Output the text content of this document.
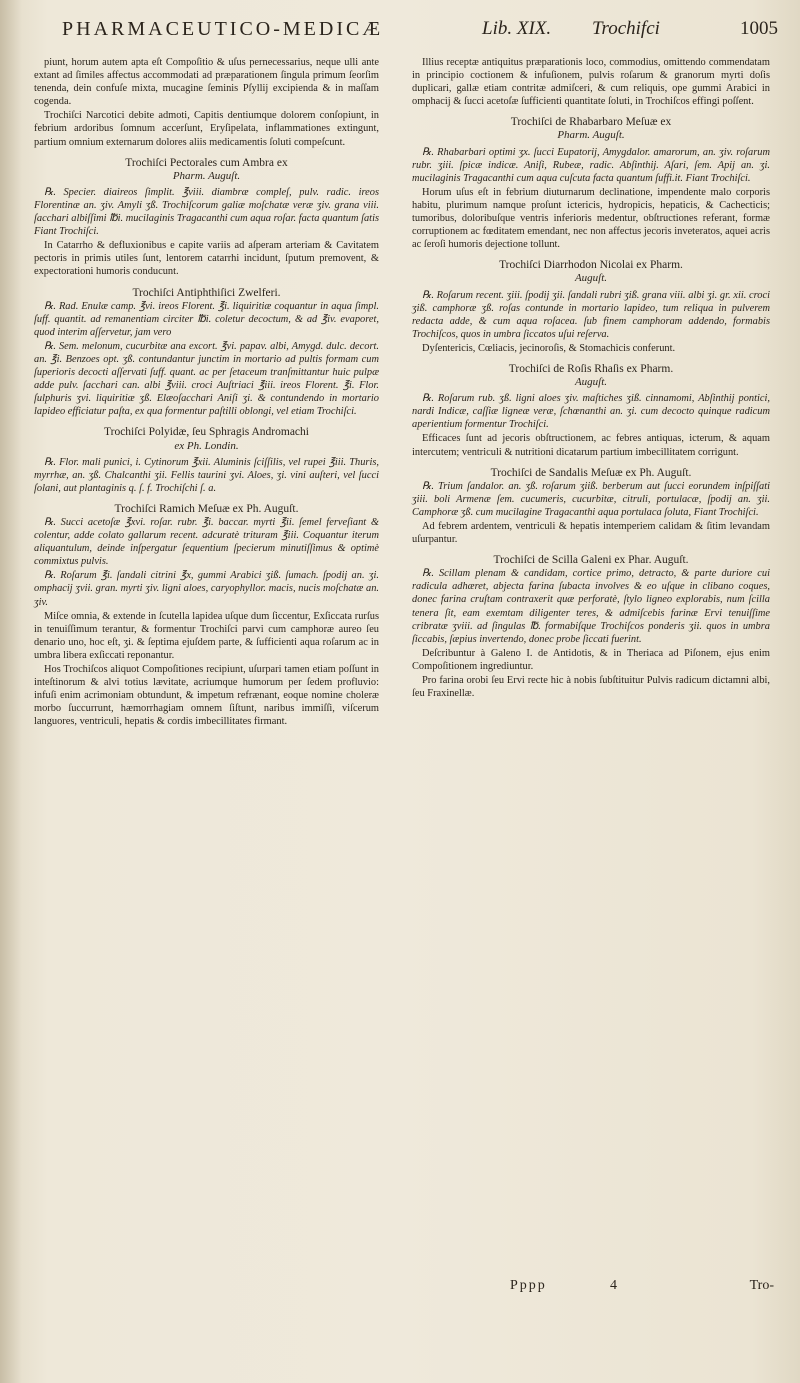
PHARMACEUTICO-MEDICÆ	Lib. XIX. Trochifci	1005

piunt, horum autem apta eſt Compoſitio & uſus pernecessarius, neque ulli ante extant ad ſimiles affectus accommodati ad præparationem ſingula primum ſeorſim tenenda, dein confuſe mixta, mucagine ſeminis Pſyllij excipienda & in maſſam cogenda.

Trochiſci Narcotici debite admoti, Capitis dentiumque dolorem conſopiunt, in febrium ardoribus ſomnum accerſunt, Eryſipelata, inflammationes extingunt, partium omnium externarum dolores aliis medicamentis ſoluti compeſcunt.

Trochiſci Pectorales cum Ambra ex

Pharm. Auguſt.

℞. Specier. diaireos ſimplit. ℥viii. diambræ compleſ, pulv. radic. ireos Florentinæ an. ʒiv. Amyli ʒß. Trochiſcorum galiæ moſchatæ veræ ʒiv. grana viii. ſacchari albiſſimi ℔i. mucilaginis Tragacanthi cum aqua roſar. facta quantum ſatis Fiant Trochiſci.

In Catarrho & defluxionibus e capite variis ad aſperam arteriam & Cavitatem pectoris in primis utiles ſunt, lentorem catarrhi incidunt, ſputum premovent, & expectorationi humoris conducunt.

Trochiſci Antiphthiſici Zwelferi.

℞. Rad. Enulæ camp. ℥vi. ireos Florent. ℥i. liquiritiæ coquantur in aqua ſimpl. ſuff. quantit. ad remanentiam circiter ℔i. coletur decoctum, & ad ℥iv. evaporet, quod interim aſſervetur, jam vero

℞. Sem. melonum, cucurbitæ ana excort. ℥vi. papav. albi, Amygd. dulc. decort. an. ℥i. Benzoes opt. ʒß. contundantur junctim in mortario ad pultis formam cum ſuperioris decocti aſſervati ſuff. quant. ac per ſetaceum tranſmittantur huic pulpæ adde pulv. ſacchari can. albi ℥viii. croci Auſtriaci ℥iii. ireos Florent. ℥i. Flor. ſulphuris ʒvi. liquiritiæ ʒß. Elæoſacchari Aniſi ʒi. & contundendo in mortario lapideo efficiatur paſta, ex qua formentur paſtilli oblongi, vel etiam Trochiſci.

Trochiſci Polyidæ, ſeu Sphragis Andromachi

ex Ph. Londin.

℞. Flor. mali punici, i. Cytinorum ℥xii. Aluminis ſciſſilis, vel rupei ℥iii. Thuris, myrrhæ, an. ʒß. Chalcanthi ʒii. Fellis taurini ʒvi. Aloes, ʒi. vini auſteri, vel ſucci ſolani, aut plantaginis q. ſ. f. Trochiſchi ſ. a.

Trochiſci Ramich Meſuæ ex Ph. Auguſt.

℞. Succi acetoſæ ℥xvi. roſar. rubr. ℥i. baccar. myrti ℥ii. ſemel ferveſiant & colentur, adde colato gallarum recent. adcuratè trituram ℥iii. Coquantur iterum aliquantulum, deinde inſpergatur ſequentium ſpecierum minutiſſimus & optimè commixtus pulvis.

℞. Roſarum ℥i. ſandali citrini ℥x, gummi Arabici ʒiß. ſumach. ſpodij an. ʒi. omphacij ʒvii. gran. myrti ʒiv. ligni aloes, caryophyllor. macis, nucis moſchatæ an. ʒiv.

Miſce omnia, & extende in ſcutella lapidea uſque dum ſiccentur, Exſiccata rurſus in tenuiſſimum terantur, & formentur Trochiſci parvi cum camphoræ aureo ſeu denario uno, hoc eſt, ʒi. & ſeptima ejuſdem parte, & ſufficienti aqua roſarum ac in umbra libera exſiccati reponantur.

Hos Trochiſcos aliquot Compoſitiones recipiunt, uſurpari tamen etiam poſſunt in inteſtinorum & alvi totius lævitate, acriumque humorum per ſedem profluvio: infuſi enim acrimoniam obtundunt, & impetum refrænant, eoque nomine choleræ morbo ſuccurrunt, hæmorrhagiam omnem ſiſtunt, naribus immiſſi, viſcerum languores, ventriculi, hepatis & cordis imbecillitates firmant.

Illius receptæ antiquitus præparationis loco, commodius, omittendo commendatam in principio coctionem & infuſionem, pulvis roſarum & granorum myrti doſis duplicari, gallæ etiam contritæ admiſceri, & cum reliquis, ope gummi Arabici in omphacij & ſucci acetoſæ ſufficienti quantitate ſoluti, in Trochiſcos effingi poſſent.

Trochiſci de Rhabarbaro Meſuæ ex

Pharm. Auguſt.

℞. Rhabarbari optimi ʒx. ſucci Eupatorij, Amygdalor. amarorum, an. ʒiv. roſarum rubr. ʒiii. ſpicæ indicæ. Aniſi, Rubeæ, radic. Abſinthij. Aſari, ſem. Apij an. ʒi. mucilaginis Tragacanthi cum aqua cuſcuta facta quantum ſuffi.it. Fiant Trochiſci.

Horum uſus eſt in febrium diuturnarum declinatione, impendente malo corporis habitu, plurimum namque proſunt ictericis, hydropicis, hepaticis, & Cachecticis; tumoribus, doloribuſque ventris inferioris medentur, obſtructiones referant, formæ corruptionem ac fœditatem emendant, nec non affectus jecoris inveteratos, aquei acris ac ſeroſi humoris dejectione tollunt.

Trochiſci Diarrhodon Nicolai ex Pharm.

Auguſt.

℞. Roſarum recent. ʒiii. ſpodij ʒii. ſandali rubri ʒiß. grana viii. albi ʒi. gr. xii. croci ʒiß. camphoræ ʒß. roſas contunde in mortario lapideo, tum reliqua in pulverem redacta adde, & cum aqua roſacea. ſub finem camphoram addendo, formabis Trochiſcos, quos in umbra ſiccatos uſui reſerva.

Dyſentericis, Cœliacis, jecinoroſis, & Stomachicis conferunt.

Trochiſci de Roſis Rhaſis ex Pharm.

Auguſt.

℞. Roſarum rub. ʒß. ligni aloes ʒiv. maſtiches ʒiß. cinnamomi, Abſinthij pontici, nardi Indicæ, caſſiæ ligneæ veræ, ſchœnanthi an. ʒi. cum decocto quinque radicum aperientium formentur Trochiſci.

Efficaces ſunt ad jecoris obſtructionem, ac febres antiquas, icterum, & aquam intercutem; ventriculi & nutritioni dicatarum partium imbecillitatem corrigunt.

Trochiſci de Sandalis Meſuæ ex Ph. Auguſt.

℞. Trium ſandalor. an. ʒß. roſarum ʒiiß. berberum aut ſucci eorundem inſpiſſati ʒiii. boli Armenæ ſem. cucumeris, cucurbitæ, citruli, portulacæ, ſpodij an. ʒii. Camphoræ ʒß. cum mucilagine Tragacanthi aqua portulaca ſoluta, Fiant Trochiſci.

Ad febrem ardentem, ventriculi & hepatis intemperiem calidam & ſitim levandam uſurpantur.

Trochiſci de Scilla Galeni ex Phar. Auguſt.

℞. Scillam plenam & candidam, cortice primo, detracto, & parte duriore cui radicula adhæret, abjecta farina ſubacta involves & eo uſque in clibano coques, donec farina cruſtam contraxerit quæ perforatè, ſtylo ligneo explorabis, num ſcilla tenera ſit, eam exemtam diligenter teres, & admiſcebis farinæ Ervi tenuiſſime cribratæ ʒviii. ad ſingulas ℔. formabiſque Trochiſcos ponderis ʒii. quos in umbra ſiccabis, ſæpius invertendo, donec probe ſiccati fuerint.

Deſcribuntur à Galeno I. de Antidotis, & in Theriaca ad Piſonem, ejus enim Compoſitionem ingrediuntur.

Pro farina orobi ſeu Ervi recte hic à nobis ſubſtituitur Pulvis radicum dictamni albi, ſeu Fraxinellæ.

Pppp	4	Tro-
